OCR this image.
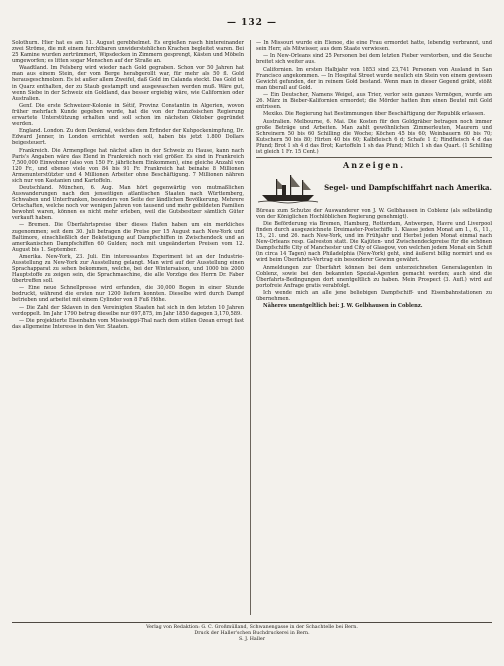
— 132 —

Solothurn. Hier hat es am 11. August gerebhelmet. Es ergießen rasch hintereinander zwei Ströme, die mit einem furchtbaren unwiderstehlichen Krachen begleitet waren. Bei 25 Kamine wurden zertrümmert, Wipsdecken in Zimmern gesprengt, Kästen und Möbeln umgeworfen; es litten sogar Menschen auf der Straße an.

Waadtland. Im Felsberg wird wieder nach Gold gegraben. Schon vor 50 Jahren hat man aus einem Stein, der vom Berge herabgerollt war, für mehr als 50 fl. Gold herausgeschmolzen. Es ist außer allem Zweifel, daß Gold im Calanda steckt. Das Gold ist in Quarz enthalten, der zu Staub gestampft und ausgewaschen werden muß. Wäre gut, wenn Siebe in der Schweiz ein Goldland, das besser ergiebig wäre, wie Californien oder Australien.

Genf. Die erste Schweizer-Kolonie in Sétif, Provinz Constantin in Algerien, wovon früher mehrfach Kunde gegeben wurde, hat die von der französischen Regierung erwartete Unterstützung erhalten und soll schon im nächsten Oktober gegründet werden.

England. London. Zu dem Denkmal, welches dem Erfinder der Kuhpockenimpfung, Dr. Edward Jenner, in London errichtet werden soll, haben bis jetzt 1.800 Dollars beigesteuert.

Frankreich. Die Armenpflege hat nächst allen in der Schweiz zu Hause, kann nach Paris's Angaben wäre das Elend in Frankreich noch viel größer. Es sind in Frankreich 7,500,000 Einwohner (also von 150 Fr. jährlichem Einkommen), eine gleiche Anzahl von 120 Fr., und ebenso viele von 84 bis 91 Fr. Frankreich hat beinahe 8 Millionen Armenunterstützter und 4 Millionen Arbeiter ohne Beschäftigung. 7 Millionen nähren sich nur von Kastanien und Kartoffeln.

Deutschland. München, 6. Aug. Man hört gegenwärtig von mutmaßlichen Auswanderungen nach den jenseitigen atlantischen Staaten nach Württemberg, Schwaben und Unterfranken, besonders von Seite der ländlichen Bevölkerung. Mehrere Ortschaften, welche noch vor wenigen Jahren von tausend und mehr gebildeten Familien bewohnt waren, können es nicht mehr erleben, weil die Gutsbesitzer sämtlich Güter verkauft haben.

— Bremen. Die Überfahrtspreise über dieses Hafen haben um ein merkliches zugenommen; seit dem 30. Juli betragen die Preise per 15 August nach New-York und Baltimore, einschließlich der Beköstigung auf Dampfschiffen in Zwischendeck und an amerikanischen Dampfschiffen 60 Gulden; noch mit ungeänderten Preisen vom 12. August bis 1. September.

Amerika. New-York, 23. Juli. Ein interessantes Experiment ist an der Industrie-Ausstellung zu New-York zur Ausstellung gelangt. Man wird auf der Ausstellung einen Sprachapparat zu sehen bekommen, welche, bei der Wintersaison, und 1000 bis 2000 Hauptstoffe zu zeigen sein, die Sprachmaschine, die alle Vorzüge des Herrn Dr. Faber übertreffen soll.

— Eine neue Schnellpresse wird erfunden, die 30,000 Bogen in einer Stunde bedruckt, während die ersten nur 1200 liefern konnten. Dieselbe wird durch Dampf betrieben und arbeitet mit einem Cylinder von 8 Fuß Höhe.

— Die Zahl der Sklaven in den Vereinigten Staaten hat sich in den letzten 10 Jahren verdoppelt. Im Jahr 1790 betrug dieselbe nur 697,875, im Jahr 1850 dagegen 3,170,589.

— Die projektierte Eisenbahn vom Mississippi-Thal nach dem stillen Ozean erregt fast das allgemeine Interesse in den Ver. Staaten.

— In Missouri wurde ein Elenoe, die eine Frau ermordet hatte, lebendig verbrannt, und sein Herr, als Mitwisser, aus dem Staate verwiesen.

— In New-Orleans sind 25 Personen bei dem letzten Fieber verstorben, und die Seuche breitet sich weiter aus.

Californien. Im ersten Halbjahr von 1853 sind 23,741 Personen von Ausland in San Francisco angekommen. — In Hospital Street wurde neulich ein Stein von einem gewissen Gewicht gefunden, der in reinem Gold bestand. Wenn man in dieser Gegend gräbt, stößt man überall auf Gold.

— Ein Deutscher, Namens Weigel, aus Trier, verlor sein ganzes Vermögen, wurde am 26. März in Bieber-Kalifornien ermordet; die Mörder hatten ihm einen Beutel mit Gold entrissen.

Mexiko. Die Regierung hat Bestimmungen über Beschäftigung der Republik erlassen.

Australien. Melbourne, 6. Mai. Die Kosten für den Goldgräber betragen noch immer große Beträge und Arbeiten. Man zahlt gewöhnlichen Zimmerleuten, Maurern und Schreinern 50 bis 60 Schilling die Woche; Köchen 45 bis 60; Weinbauern 60 bis 70; Kutschern 50 bis 80; Hirten 40 bis 60; Kalbfleisch 6 d; Schafe 1 £; Rindfleisch 4 d das Pfund; Brot 1 sh 4 d das Brot; Kartoffeln 1 sh das Pfund; Milch 1 sh das Quart. (1 Schilling ist gleich 1 Fr. 15 Cent.)

Anzeigen.
Segel- und Dampfschiffahrt nach Amerika.

Büreau zum Schutze der Auswanderer von J. W. Gelbhausen in Coblenz (als selbständig von der Königlichen Hochlöblichen Regierung genehmigt).

Die Beförderung via Bremen, Hamburg, Rotterdam, Antwerpen, Havre und Liverpool finden durch ausgezeichnete Dreimaster-Postschiffe 1. Klasse jeden Monat am 1., 6., 11., 15., 21. und 26. nach New-York, und im Frühjahr und Herbst jeden Monat einmal nach New-Orleans resp. Galveston statt. Die Kajüten- und Zwischendeckpreise für die schönen Dampfschiffe City of Manchester und City of Glasgow, von welchen jedem Monat ein Schiff (in circa 14 Tagen) nach Philadelphia (New-York) geht, sind äußerst billig normirt und es wird beim Überfahrts-Vertrag ein besonderer Gewinn gewährt.

Anmeldungen zur Überfahrt können bei dem unterzeichneten Generalagenten in Coblenz, sowie bei den bekannten Spezial-Agenten gemacht werden; auch sind die Überfahrts-Bedingungen dort unentgeltlich zu haben. Mein Prospect (3. Aufl.) wird auf portofreie Anfrage gratis verabfolgt.

Ich wende mich an alle jene beliebigen Dampfschiff- und Eisenbahnstationen zu übernehmen.

Näheres unentgeltlich bei: J. W. Gelbhausen in Coblenz.

Verlag von Redaktion: G. C. Großmülland, Schwanengasse in der Schachtelle bei Bern.
Druck der Haller'schen Buchdruckerei in Bern.
S. J. Haller
